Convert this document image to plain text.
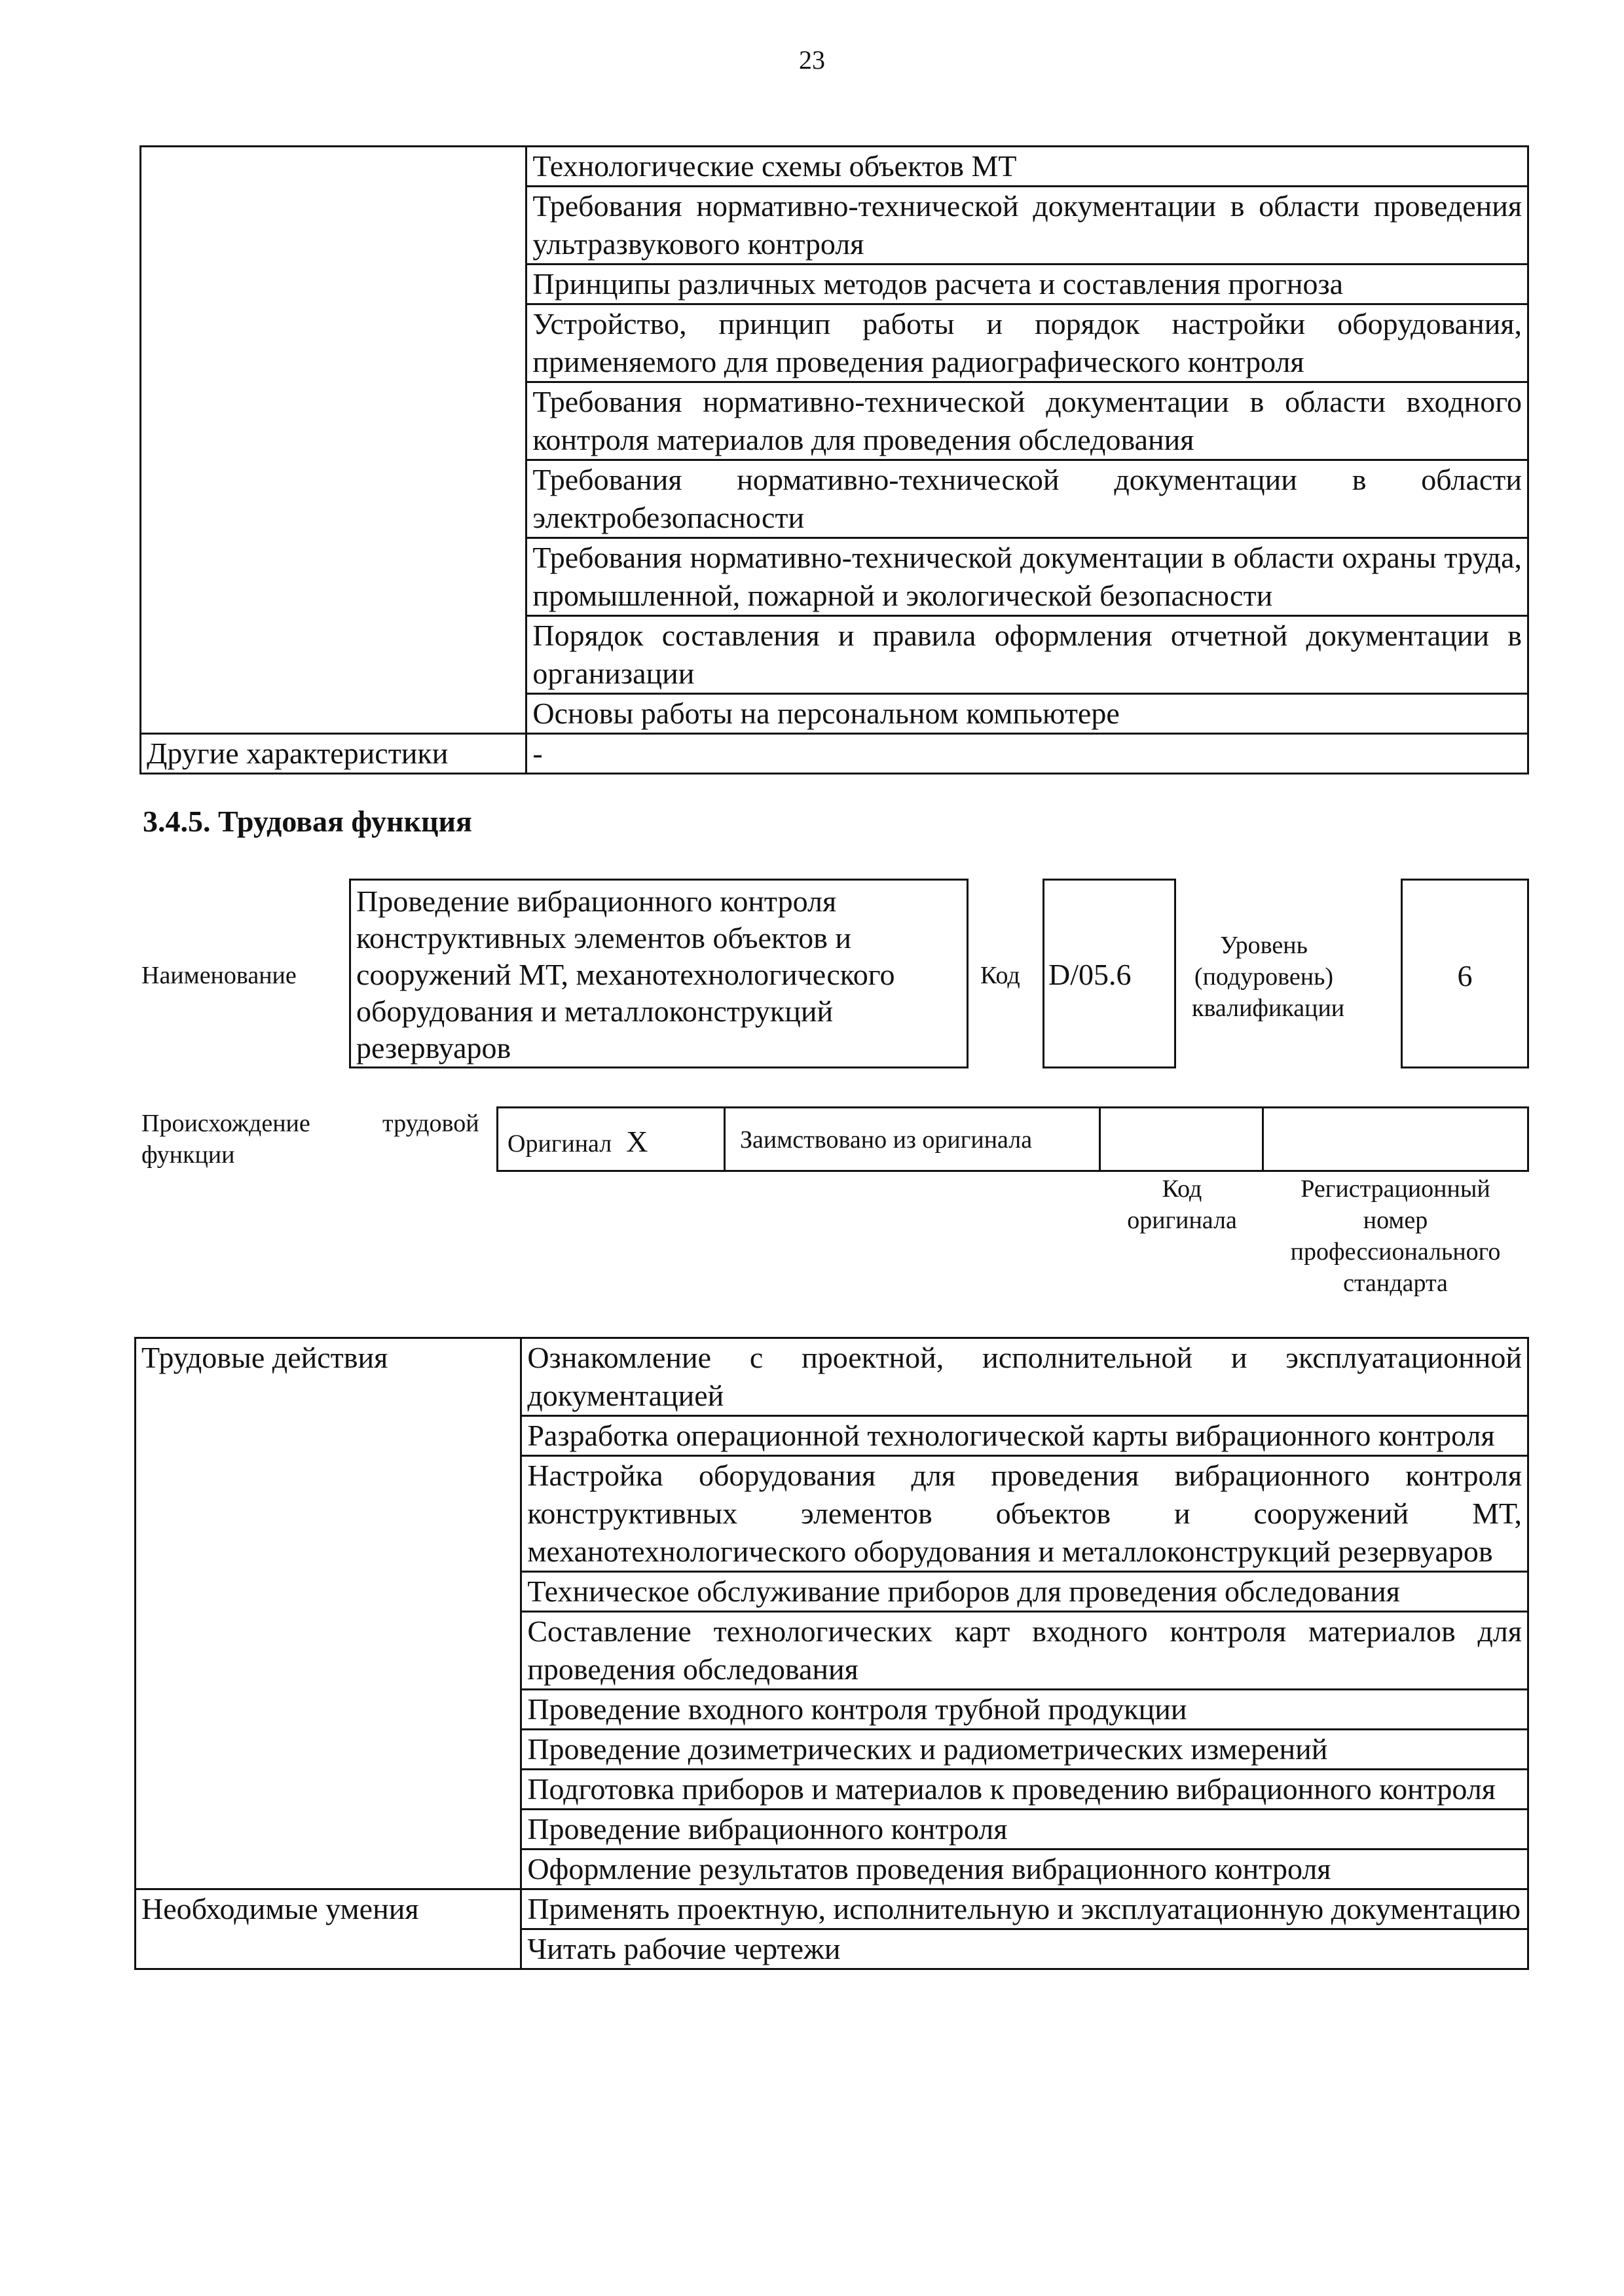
23
	Технологические схемы объектов МТ
	Требования нормативно-технической документации в области проведения ультразвукового контроля
	Принципы различных методов расчета и составления прогноза
	Устройство, принцип работы и порядок настройки оборудования, применяемого для проведения радиографического контроля
	Требования нормативно-технической документации в области входного контроля материалов для проведения обследования
	Требования нормативно-технической документации в области электробезопасности
	Требования нормативно-технической документации в области охраны труда, промышленной, пожарной и экологической безопасности
	Порядок составления и правила оформления отчетной документации в организации
	Основы работы на персональном компьютере
Другие характеристики	-
3.4.5. Трудовая функция
Наименование
Проведение вибрационного контроля конструктивных элементов объектов и сооружений МТ, механотехнологического оборудования и металлоконструкций резервуаров
Код D/05.6
Уровень (подуровень) квалификации
6
Происхождение	трудовой
функции	Оригинал X	Заимствовано из оригинала
Код оригинала
Регистрационный номер профессионального стандарта
Трудовые действия	Ознакомление с проектной, исполнительной и эксплуатационной документацией
	Разработка операционной технологической карты вибрационного контроля
	Настройка оборудования для проведения вибрационного контроля конструктивных элементов объектов и сооружений МТ, механотехнологического оборудования и металлоконструкций резервуаров
	Техническое обслуживание приборов для проведения обследования
	Составление технологических карт входного контроля материалов для проведения обследования
	Проведение входного контроля трубной продукции
	Проведение дозиметрических и радиометрических измерений
	Подготовка приборов и материалов к проведению вибрационного контроля
	Проведение вибрационного контроля
	Оформление результатов проведения вибрационного контроля
Необходимые умения	Применять проектную, исполнительную и эксплуатационную документацию
	Читать рабочие чертежи
